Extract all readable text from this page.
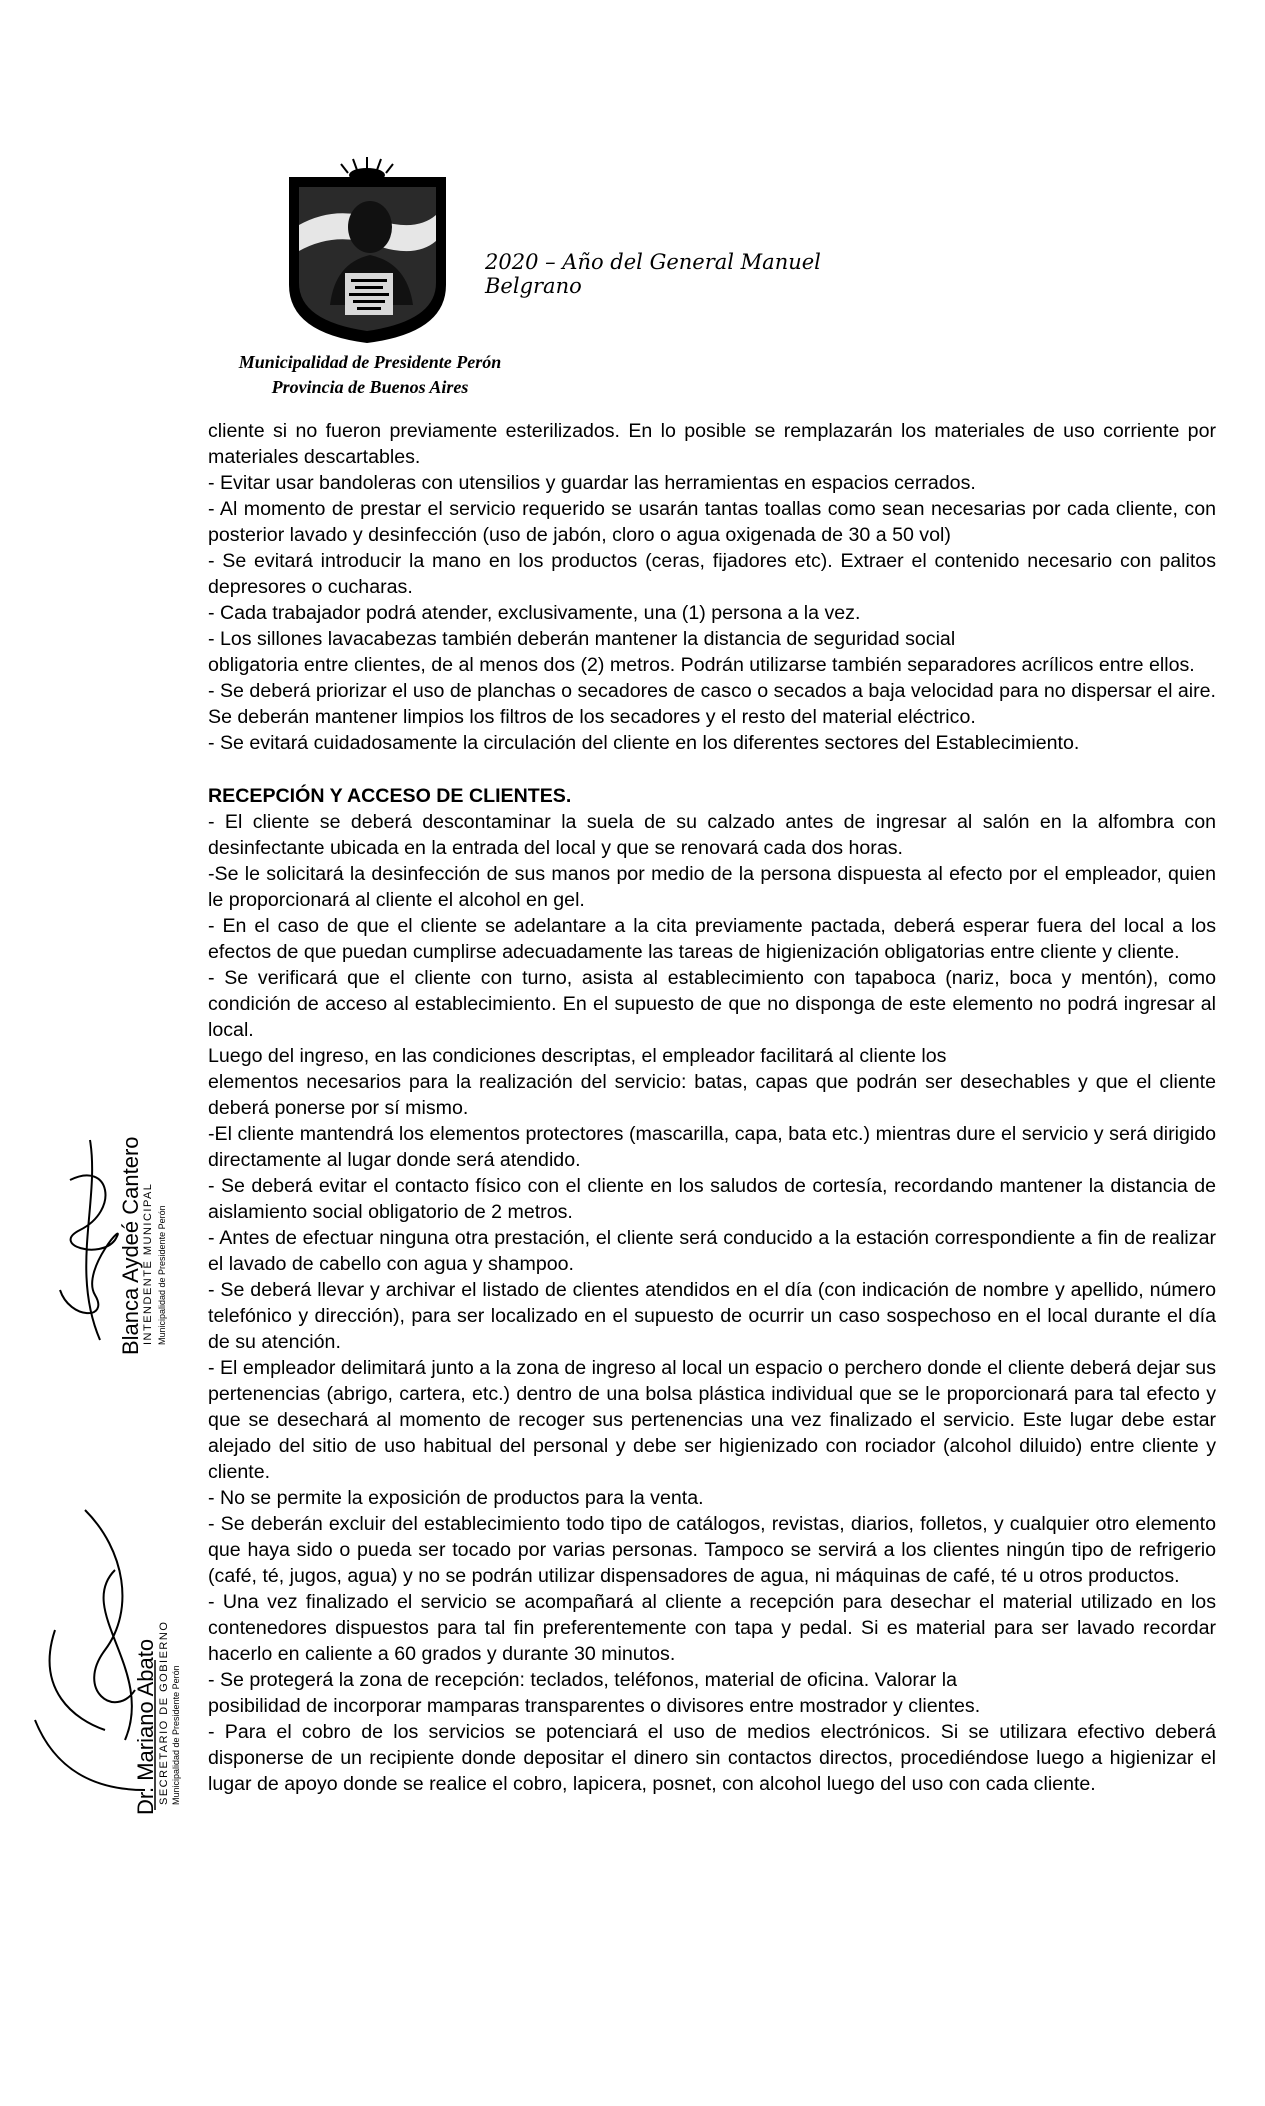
2020 – Año del General Manuel Belgrano
Municipalidad de Presidente Perón
Provincia de Buenos Aires

cliente si no fueron previamente esterilizados. En lo posible se remplazarán los materiales de uso corriente por materiales descartables.

- Evitar usar bandoleras con utensilios y guardar las herramientas en espacios cerrados.

- Al momento de prestar el servicio requerido se usarán tantas toallas como sean necesarias por cada cliente, con posterior lavado y desinfección (uso de jabón, cloro o agua oxigenada de 30 a 50 vol)

- Se evitará introducir la mano en los productos (ceras, fijadores etc). Extraer el contenido necesario con palitos depresores o cucharas.

- Cada trabajador podrá atender, exclusivamente, una (1) persona a la vez.

- Los sillones lavacabezas también deberán mantener la distancia de seguridad social

obligatoria entre clientes, de al menos dos (2) metros. Podrán utilizarse también separadores acrílicos entre ellos.

- Se deberá priorizar el uso de planchas o secadores de casco o secados a baja velocidad para no dispersar el aire. Se deberán mantener limpios los filtros de los secadores y el resto del material eléctrico.

- Se evitará cuidadosamente la circulación del cliente en los diferentes sectores del Establecimiento.

RECEPCIÓN Y ACCESO DE CLIENTES.

- El cliente se deberá descontaminar la suela de su calzado antes de ingresar al salón en la alfombra con desinfectante ubicada en la entrada del local y que se renovará cada dos horas.

-Se le solicitará la desinfección de sus manos por medio de la persona dispuesta al efecto por el empleador, quien le proporcionará al cliente el alcohol en gel.

- En el caso de que el cliente se adelantare a la cita previamente pactada, deberá esperar fuera del local a los efectos de que puedan cumplirse adecuadamente las tareas de higienización obligatorias entre cliente y cliente.

- Se verificará que el cliente con turno, asista al establecimiento con tapaboca (nariz, boca y mentón), como condición de acceso al establecimiento. En el supuesto de que no disponga de este elemento no podrá ingresar al local.

Luego del ingreso, en las condiciones descriptas, el empleador facilitará al cliente los

elementos necesarios para la realización del servicio: batas, capas que podrán ser desechables y que el cliente deberá ponerse por sí mismo.

-El cliente mantendrá los elementos protectores (mascarilla, capa, bata etc.) mientras dure el servicio y será dirigido directamente al lugar donde será atendido.

- Se deberá evitar el contacto físico con el cliente en los saludos de cortesía, recordando mantener la distancia de aislamiento social obligatorio de 2 metros.

- Antes de efectuar ninguna otra prestación, el cliente será conducido a la estación correspondiente a fin de realizar el lavado de cabello con agua y shampoo.

- Se deberá llevar y archivar el listado de clientes atendidos en el día (con indicación de nombre y apellido, número telefónico y dirección), para ser localizado en el supuesto de ocurrir un caso sospechoso en el local durante el día de su atención.

- El empleador delimitará junto a la zona de ingreso al local un espacio o perchero donde el cliente deberá dejar sus pertenencias (abrigo, cartera, etc.) dentro de una bolsa plástica individual que se le proporcionará para tal efecto y que se desechará al momento de recoger sus pertenencias una vez finalizado el servicio. Este lugar debe estar alejado del sitio de uso habitual del personal y debe ser higienizado con rociador (alcohol diluido) entre cliente y cliente.

- No se permite la exposición de productos para la venta.

- Se deberán excluir del establecimiento todo tipo de catálogos, revistas, diarios, folletos, y cualquier otro elemento que haya sido o pueda ser tocado por varias personas. Tampoco se servirá a los clientes ningún tipo de refrigerio (café, té, jugos, agua) y no se podrán utilizar dispensadores de agua, ni máquinas de café, té u otros productos.

- Una vez finalizado el servicio se acompañará al cliente a recepción para desechar el material utilizado en los contenedores dispuestos para tal fin preferentemente con tapa y pedal. Si es material para ser lavado recordar hacerlo en caliente a 60 grados y durante 30 minutos.

- Se protegerá la zona de recepción: teclados, teléfonos, material de oficina. Valorar la

posibilidad de incorporar mamparas transparentes o divisores entre mostrador y clientes.

- Para el cobro de los servicios se potenciará el uso de medios electrónicos. Si se utilizara efectivo deberá disponerse de un recipiente donde depositar el dinero sin contactos directos, procediéndose luego a higienizar el lugar de apoyo donde se realice el cobro, lapicera, posnet, con alcohol luego del uso con cada cliente.

Blanca Aydeé Cantero INTENDENTE MUNICIPAL Municipalidad de Presidente Perón
Dr. Mariano Abato SECRETARIO DE GOBIERNO Municipalidad de Presidente Perón
